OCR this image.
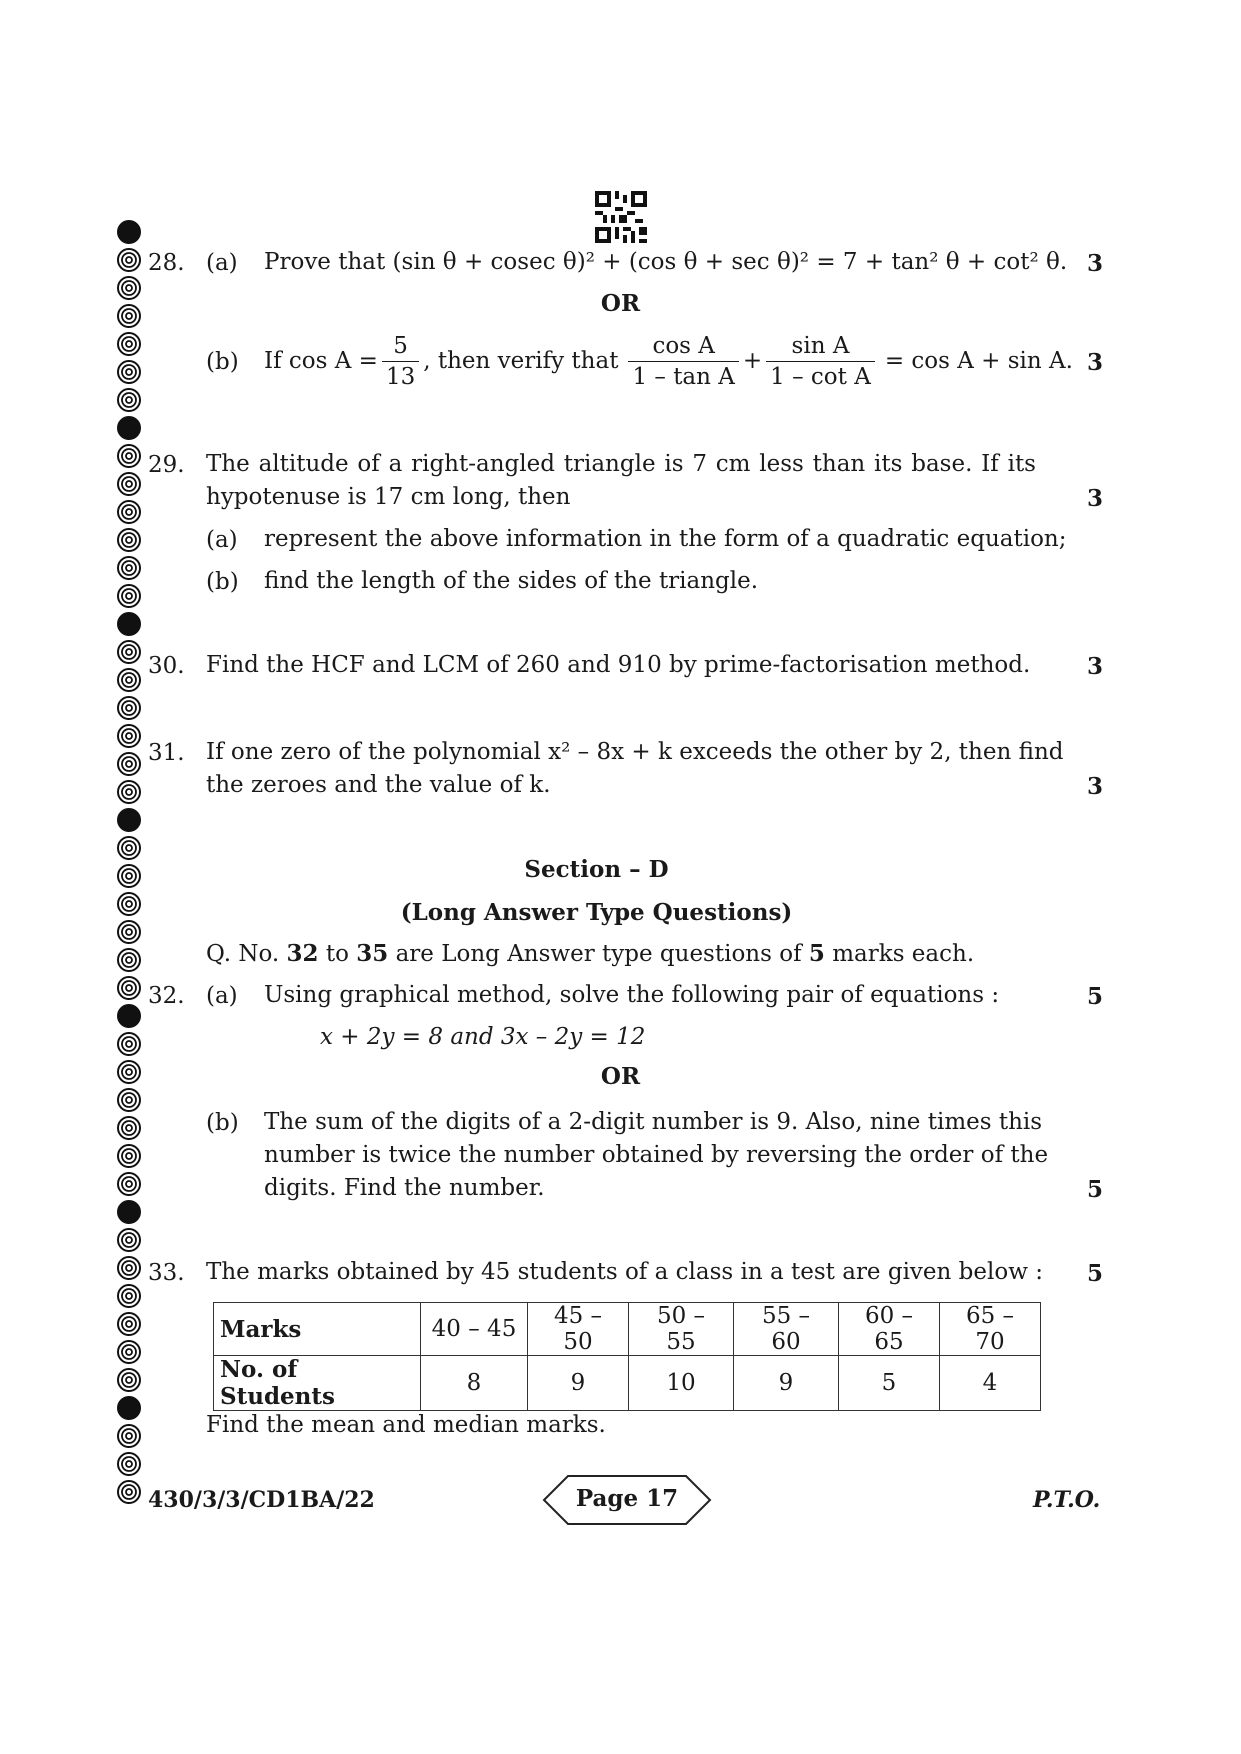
28. (a) Prove that (sin θ + cosec θ)² + (cos θ + sec θ)² = 7 + tan² θ + cot² θ. 3
OR
(b) If $\cos A = \frac{5}{13}$ , then verify that $\frac{\text{cos A}}{\text{1 – tan A}} + \frac{\text{sin A}}{\text{1 – cot A}} = \cos A + \sin A$. 3
29. The altitude of a right-angled triangle is 7 cm less than its base. If its
hypotenuse is 17 cm long, then	3
(a) represent the above information in the form of a quadratic equation;
(b) find the length of the sides of the triangle.
30. Find the HCF and LCM of 260 and 910 by prime-factorisation method. 3
31. If one zero of the polynomial x² – 8x + k exceeds the other by 2, then find
the zeroes and the value of k.	3
Section – D
(Long Answer Type Questions)
Q. No. 32 to 35 are Long Answer type questions of 5 marks each.
32. (a) Using graphical method, solve the following pair of equations :	5
x + 2y = 8 and 3x – 2y = 12
OR
(b) The sum of the digits of a 2-digit number is 9. Also, nine times this
number is twice the number obtained by reversing the order of the
digits. Find the number.	5
33. The marks obtained by 45 students of a class in a test are given below : 5
Marks	40 – 45	45 – 50	50 – 55	55 – 60	60 – 65	65 – 70
No. of Students	8	9	10	9	5	4
Find the mean and median marks.
430/3/3/CD1BA/22	Page 17	P.T.O.
